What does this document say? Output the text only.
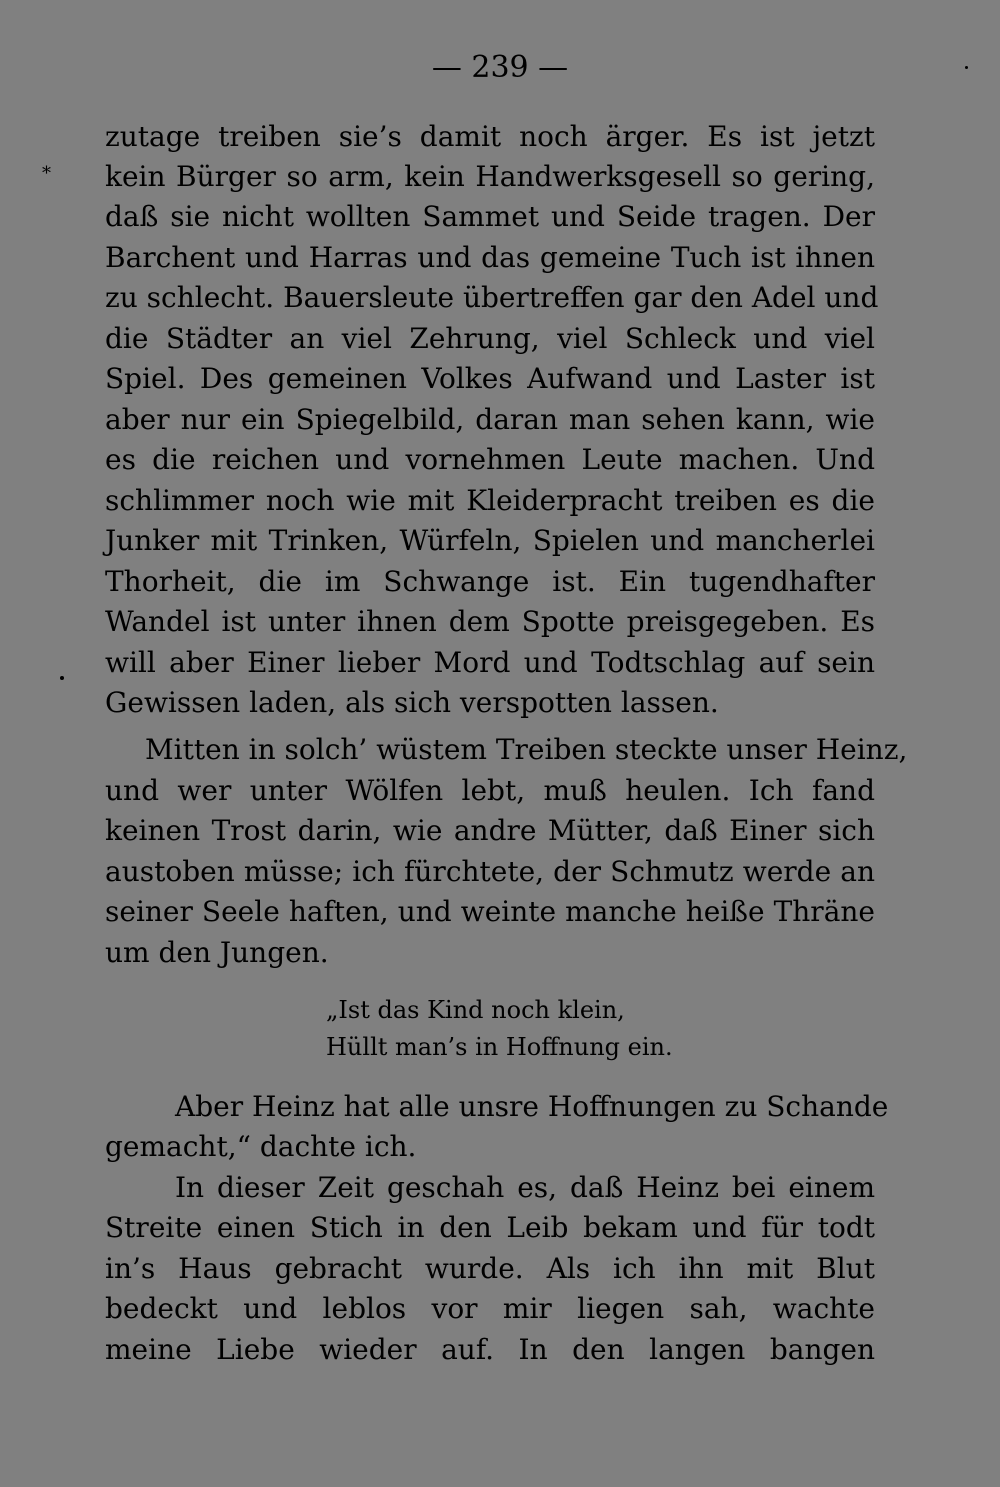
— 239 —
*
zutage treiben sie’s damit noch ärger. Es ist jetzt
kein Bürger so arm, kein Handwerksgesell so gering,
daß sie nicht wollten Sammet und Seide tragen. Der
Barchent und Harras und das gemeine Tuch ist ihnen
zu schlecht. Bauersleute übertreffen gar den Adel und
die Städter an viel Zehrung, viel Schleck und viel
Spiel. Des gemeinen Volkes Aufwand und Laster ist
aber nur ein Spiegelbild, daran man sehen kann, wie
es die reichen und vornehmen Leute machen. Und
schlimmer noch wie mit Kleiderpracht treiben es die
Junker mit Trinken, Würfeln, Spielen und mancherlei
Thorheit, die im Schwange ist. Ein tugendhafter
Wandel ist unter ihnen dem Spotte preisgegeben. Es
will aber Einer lieber Mord und Todtschlag auf sein
Gewissen laden, als sich verspotten lassen.
Mitten in solch’ wüstem Treiben steckte unser Heinz,
und wer unter Wölfen lebt, muß heulen. Ich fand
keinen Trost darin, wie andre Mütter, daß Einer sich
austoben müsse; ich fürchtete, der Schmutz werde an
seiner Seele haften, und weinte manche heiße Thräne
um den Jungen.
„Ist das Kind noch klein,
Hüllt man’s in Hoffnung ein.
Aber Heinz hat alle unsre Hoffnungen zu Schande
gemacht,“ dachte ich.
In dieser Zeit geschah es, daß Heinz bei einem
Streite einen Stich in den Leib bekam und für todt
in’s Haus gebracht wurde. Als ich ihn mit Blut
bedeckt und leblos vor mir liegen sah, wachte
meine Liebe wieder auf. In den langen bangen
